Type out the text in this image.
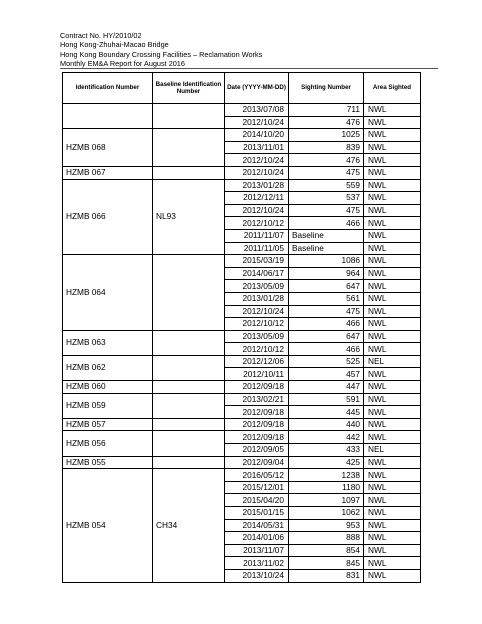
Contract No. HY/2010/02
Hong Kong-Zhuhai-Macao Bridge
Hong Kong Boundary Crossing Facilities – Reclamation Works
Monthly EM&A Report for August 2016
Identification Number	Baseline Identification Number	Date (YYYY-MM-DD)	Sighting Number	Area Sighted
		2013/07/08	711	NWL
		2012/10/24	476	NWL
HZMB 068		2014/10/20	1025	NWL
		2013/11/01	839	NWL
		2012/10/24	476	NWL
HZMB 067		2012/10/24	475	NWL
HZMB 066	NL93	2013/01/28	559	NWL
		2012/12/11	537	NWL
		2012/10/24	475	NWL
		2012/10/12	466	NWL
		2011/11/07	Baseline	NWL
		2011/11/05	Baseline	NWL
HZMB 064		2015/03/19	1086	NWL
		2014/06/17	964	NWL
		2013/05/09	647	NWL
		2013/01/28	561	NWL
		2012/10/24	475	NWL
		2012/10/12	466	NWL
HZMB 063		2013/05/09	647	NWL
		2012/10/12	466	NWL
HZMB 062		2012/12/06	525	NEL
		2012/10/11	457	NWL
HZMB 060		2012/09/18	447	NWL
HZMB 059		2013/02/21	591	NWL
		2012/09/18	445	NWL
HZMB 057		2012/09/18	440	NWL
HZMB 056		2012/09/18	442	NWL
		2012/09/05	433	NEL
HZMB 055		2012/09/04	425	NWL
HZMB 054	CH34	2016/05/12	1238	NWL
		2015/12/01	1180	NWL
		2015/04/20	1097	NWL
		2015/01/15	1062	NWL
		2014/05/31	953	NWL
		2014/01/06	888	NWL
		2013/11/07	854	NWL
		2013/11/02	845	NWL
		2013/10/24	831	NWL
